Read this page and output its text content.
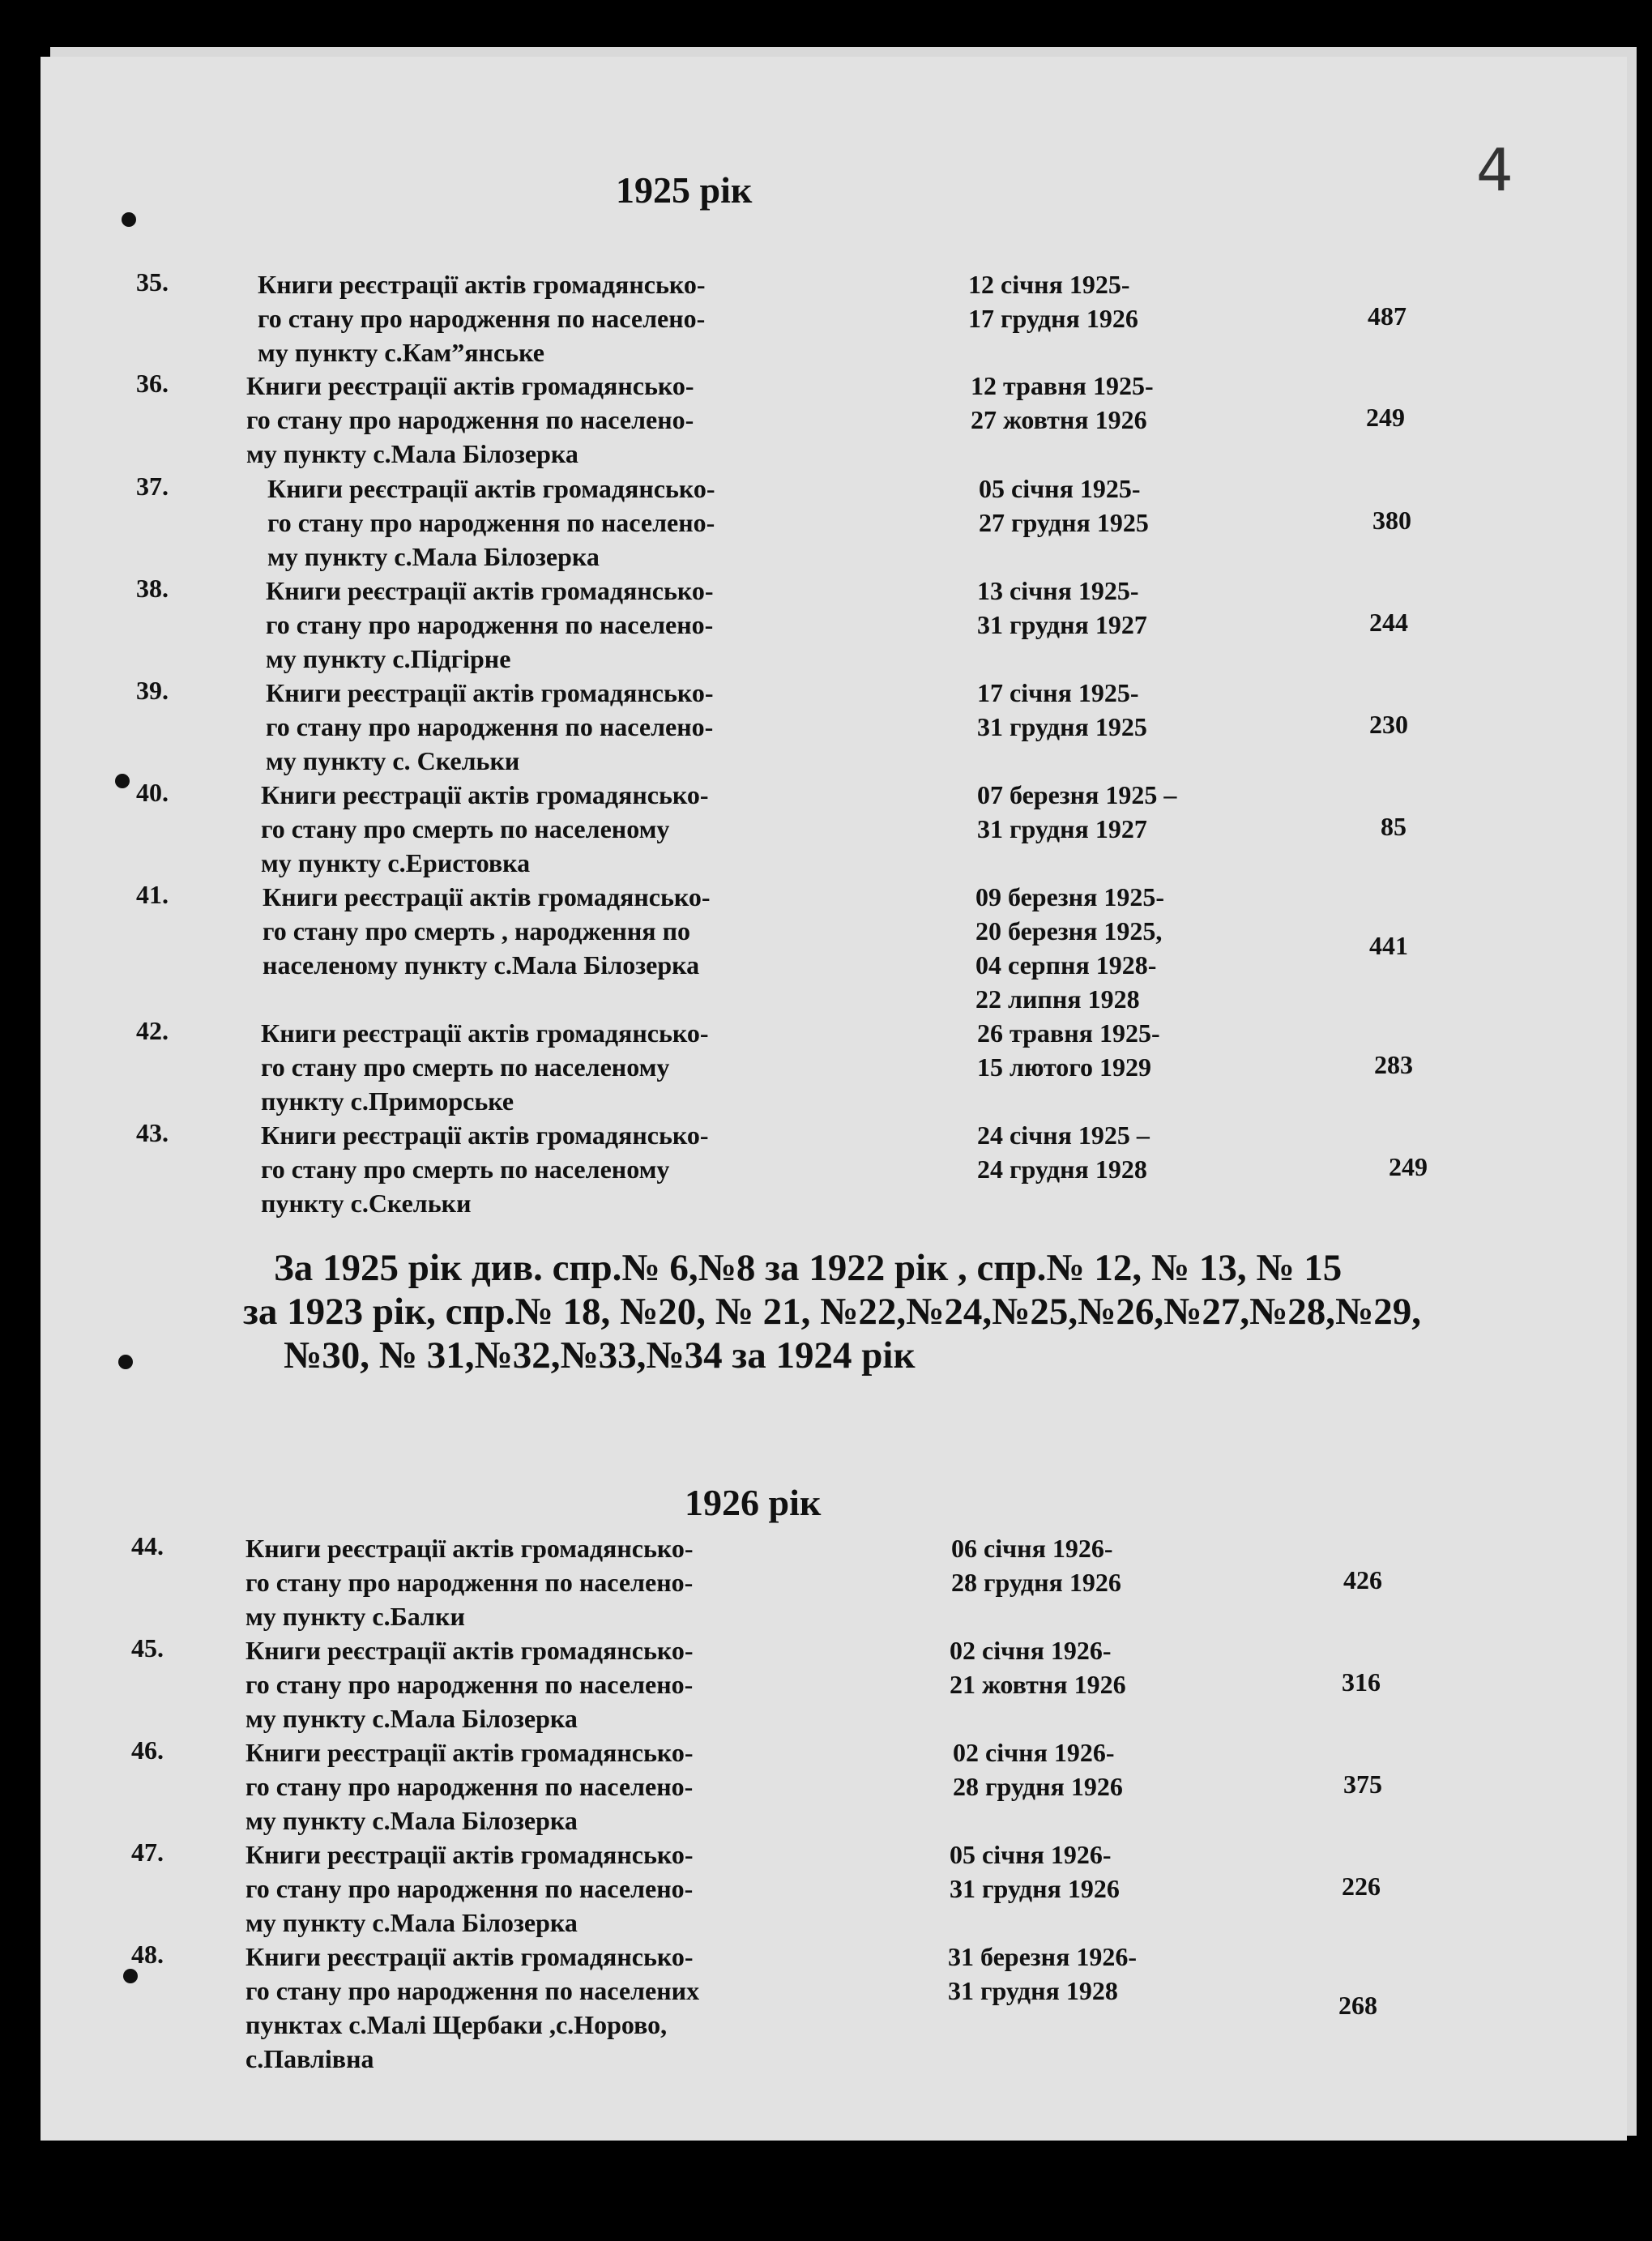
4
1925 рік
35.	Книги реєстрації актів громадянсько-
го стану про народження по населено-
му пункту с.Кам”янське
12 січня 1925-
17 грудня 1926	487
36.	Книги реєстрації актів громадянсько-
го стану про народження по населено-
му пункту с.Мала Білозерка
12 травня 1925-
27 жовтня 1926	249
37.	Книги реєстрації актів громадянсько-
го стану про народження по населено-
му пункту с.Мала Білозерка
05 січня 1925-
27 грудня 1925	380
38.	Книги реєстрації актів громадянсько-
го стану про народження по населено-
му пункту с.Підгірне
13 січня 1925-
31 грудня 1927	244
39.	Книги реєстрації актів громадянсько-
го стану про народження по населено-
му пункту с. Скельки
17 січня 1925-
31 грудня 1925	230
40.	Книги реєстрації актів громадянсько-
го стану про смерть по населеному
му пункту с.Еристовка
07 березня 1925 –
31 грудня 1927	85
41.	Книги реєстрації актів громадянсько-
го стану про смерть , народження по
населеному пункту с.Мала Білозерка
09 березня 1925-
20 березня 1925,
04 серпня 1928-
22 липня 1928
441
42.	Книги реєстрації актів громадянсько-
го стану про смерть по населеному
пункту с.Приморське
26 травня 1925-
15 лютого 1929	283
43.	Книги реєстрації актів громадянсько-
го стану про смерть по населеному
пункту с.Скельки
24 січня 1925 –
24 грудня 1928	249
За 1925 рік див. спр.№ 6,№8 за 1922 рік , спр.№ 12, № 13, № 15
за 1923 рік, спр.№ 18, №20, № 21, №22,№24,№25,№26,№27,№28,№29,
№30, № 31,№32,№33,№34 за 1924 рік
1926 рік
44.	Книги реєстрації актів громадянсько-
го стану про народження по населено-
му пункту с.Балки
06 січня 1926-
28 грудня 1926	426
45.	Книги реєстрації актів громадянсько-
го стану про народження по населено-
му пункту с.Мала Білозерка
02 січня 1926-
21 жовтня 1926	316
46.	Книги реєстрації актів громадянсько-
го стану про народження по населено-
му пункту с.Мала Білозерка
02 січня 1926-
28 грудня 1926	375
47.	Книги реєстрації актів громадянсько-
го стану про народження по населено-
му пункту с.Мала Білозерка
05 січня 1926-
31 грудня 1926	226
48.	Книги реєстрації актів громадянсько-
го стану про народження по населених
пунктах с.Малі Щербаки ,с.Норово,
с.Павлівна
31 березня 1926-
31 грудня 1928	268
